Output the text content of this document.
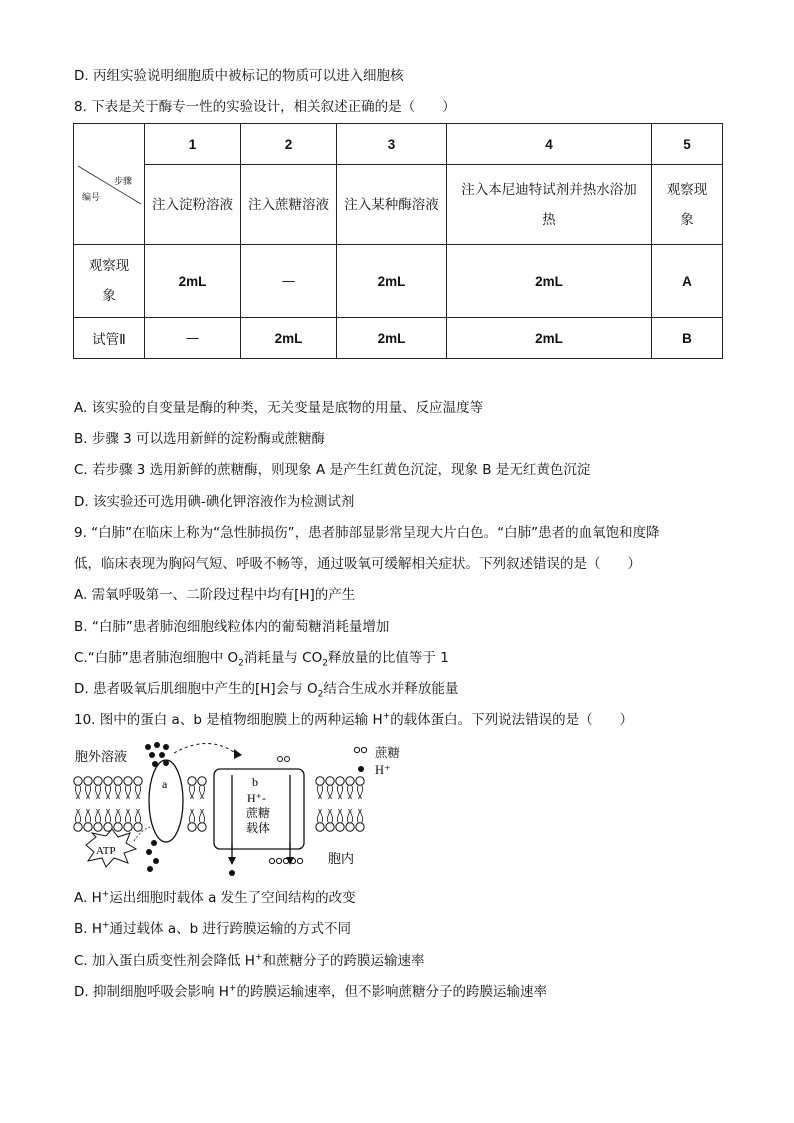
D. 丙组实验说明细胞质中被标记的物质可以进入细胞核
8. 下表是关于酶专一性的实验设计，相关叙述正确的是（　　）
步骤
编号	1	2	3	4	5
	注入淀粉溶液	注入蔗糖溶液	注入某种酶溶液	注入本尼迪特试剂并热水浴加热	观察现象
观察现象	2mL	—	2mL	2mL	A
试管Ⅱ	—	2mL	2mL	2mL	B
A. 该实验的自变量是酶的种类，无关变量是底物的用量、反应温度等
B. 步骤 3 可以选用新鲜的淀粉酶或蔗糖酶
C. 若步骤 3 选用新鲜的蔗糖酶，则现象 A 是产生红黄色沉淀，现象 B 是无红黄色沉淀
D. 该实验还可选用碘-碘化钾溶液作为检测试剂
9. “白肺”在临床上称为“急性肺损伤”，患者肺部显影常呈现大片白色。“白肺”患者的血氧饱和度降
低，临床表现为胸闷气短、呼吸不畅等，通过吸氧可缓解相关症状。下列叙述错误的是（　　）
A. 需氧呼吸第一、二阶段过程中均有[H]的产生
B. “白肺”患者肺泡细胞线粒体内的葡萄糖消耗量增加
C.“白肺”患者肺泡细胞中 $O_2$消耗量与 $CO_2$释放量的比值等于 1
D. 患者吸氧后肌细胞中产生的[H]会与 $O_2$结合生成水并释放能量
10. 图中的蛋白 a、b 是植物细胞膜上的两种运输 H+的载体蛋白。下列说法错误的是（　　）
胞外溶液
胞内
a	b
H⁺-
蔗糖
载体
ATP
蔗糖
H⁺
A. H+运出细胞时载体 a 发生了空间结构的改变
B. H+通过载体 a、b 进行跨膜运输的方式不同
C. 加入蛋白质变性剂会降低 H+和蔗糖分子的跨膜运输速率
D. 抑制细胞呼吸会影响 H+的跨膜运输速率，但不影响蔗糖分子的跨膜运输速率
